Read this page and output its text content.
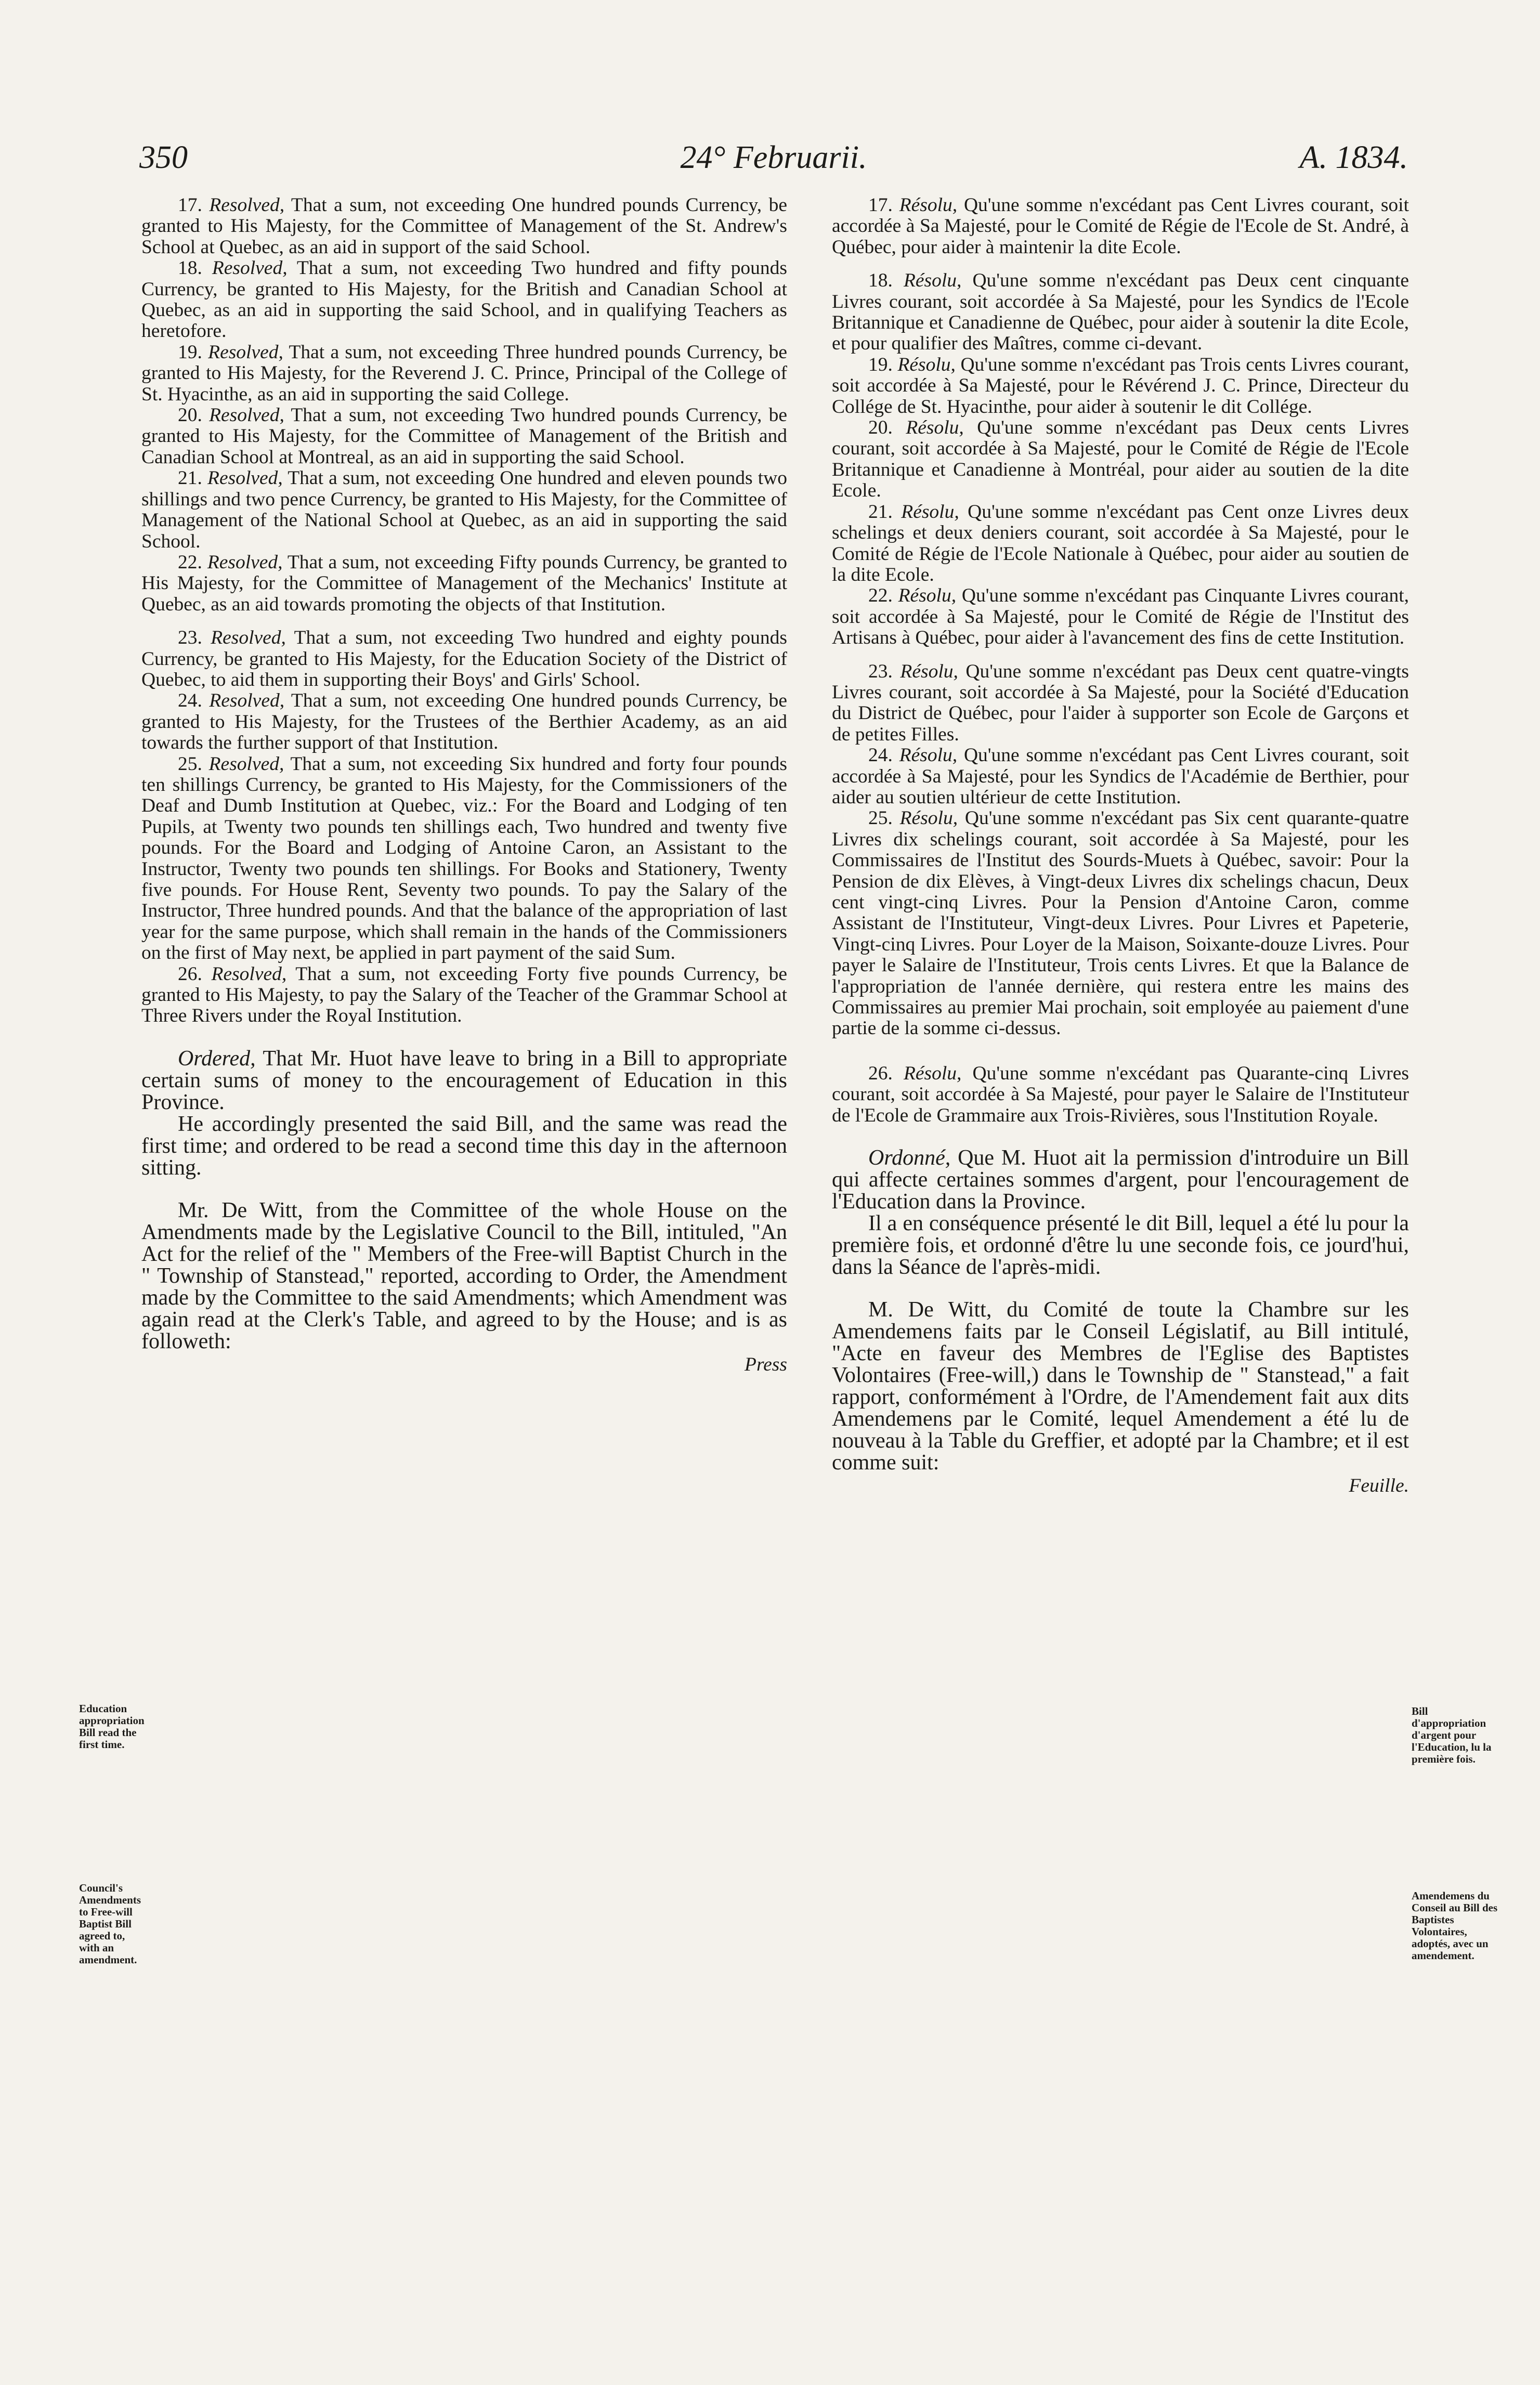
350	24° Februarii.	A. 1834.

17. Resolved, That a sum, not exceeding One hundred pounds Currency, be granted to His Majesty, for the Committee of Management of the St. Andrew's School at Quebec, as an aid in support of the said School.

18. Resolved, That a sum, not exceeding Two hundred and fifty pounds Currency, be granted to His Majesty, for the British and Canadian School at Quebec, as an aid in supporting the said School, and in qualifying Teachers as heretofore.

19. Resolved, That a sum, not exceeding Three hundred pounds Currency, be granted to His Majesty, for the Reverend J. C. Prince, Principal of the College of St. Hyacinthe, as an aid in supporting the said College.

20. Resolved, That a sum, not exceeding Two hundred pounds Currency, be granted to His Majesty, for the Committee of Management of the British and Canadian School at Montreal, as an aid in supporting the said School.

21. Resolved, That a sum, not exceeding One hundred and eleven pounds two shillings and two pence Currency, be granted to His Majesty, for the Committee of Management of the National School at Quebec, as an aid in supporting the said School.

22. Resolved, That a sum, not exceeding Fifty pounds Currency, be granted to His Majesty, for the Committee of Management of the Mechanics' Institute at Quebec, as an aid towards promoting the objects of that Institution.

23. Resolved, That a sum, not exceeding Two hundred and eighty pounds Currency, be granted to His Majesty, for the Education Society of the District of Quebec, to aid them in supporting their Boys' and Girls' School.

24. Resolved, That a sum, not exceeding One hundred pounds Currency, be granted to His Majesty, for the Trustees of the Berthier Academy, as an aid towards the further support of that Institution.

25. Resolved, That a sum, not exceeding Six hundred and forty four pounds ten shillings Currency, be granted to His Majesty, for the Commissioners of the Deaf and Dumb Institution at Quebec, viz.: For the Board and Lodging of ten Pupils, at Twenty two pounds ten shillings each, Two hundred and twenty five pounds. For the Board and Lodging of Antoine Caron, an Assistant to the Instructor, Twenty two pounds ten shillings. For Books and Stationery, Twenty five pounds. For House Rent, Seventy two pounds. To pay the Salary of the Instructor, Three hundred pounds. And that the balance of the appropriation of last year for the same purpose, which shall remain in the hands of the Commissioners on the first of May next, be applied in part payment of the said Sum.

26. Resolved, That a sum, not exceeding Forty five pounds Currency, be granted to His Majesty, to pay the Salary of the Teacher of the Grammar School at Three Rivers under the Royal Institution.

Ordered, That Mr. Huot have leave to bring in a Bill to appropriate certain sums of money to the encouragement of Education in this Province.

He accordingly presented the said Bill, and the same was read the first time; and ordered to be read a second time this day in the afternoon sitting.

Mr. De Witt, from the Committee of the whole House on the Amendments made by the Legislative Council to the Bill, intituled, "An Act for the relief of the " Members of the Free-will Baptist Church in the " Township of Stanstead," reported, according to Order, the Amendment made by the Committee to the said Amendments; which Amendment was again read at the Clerk's Table, and agreed to by the House; and is as followeth:

Press

17. Résolu, Qu'une somme n'excédant pas Cent Livres courant, soit accordée à Sa Majesté, pour le Comité de Régie de l'Ecole de St. André, à Québec, pour aider à maintenir la dite Ecole.

18. Résolu, Qu'une somme n'excédant pas Deux cent cinquante Livres courant, soit accordée à Sa Majesté, pour les Syndics de l'Ecole Britannique et Canadienne de Québec, pour aider à soutenir la dite Ecole, et pour qualifier des Maîtres, comme ci-devant.

19. Résolu, Qu'une somme n'excédant pas Trois cents Livres courant, soit accordée à Sa Majesté, pour le Révérend J. C. Prince, Directeur du Collége de St. Hyacinthe, pour aider à soutenir le dit Collége.

20. Résolu, Qu'une somme n'excédant pas Deux cents Livres courant, soit accordée à Sa Majesté, pour le Comité de Régie de l'Ecole Britannique et Canadienne à Montréal, pour aider au soutien de la dite Ecole.

21. Résolu, Qu'une somme n'excédant pas Cent onze Livres deux schelings et deux deniers courant, soit accordée à Sa Majesté, pour le Comité de Régie de l'Ecole Nationale à Québec, pour aider au soutien de la dite Ecole.

22. Résolu, Qu'une somme n'excédant pas Cinquante Livres courant, soit accordée à Sa Majesté, pour le Comité de Régie de l'Institut des Artisans à Québec, pour aider à l'avancement des fins de cette Institution.

23. Résolu, Qu'une somme n'excédant pas Deux cent quatre-vingts Livres courant, soit accordée à Sa Majesté, pour la Société d'Education du District de Québec, pour l'aider à supporter son Ecole de Garçons et de petites Filles.

24. Résolu, Qu'une somme n'excédant pas Cent Livres courant, soit accordée à Sa Majesté, pour les Syndics de l'Académie de Berthier, pour aider au soutien ultérieur de cette Institution.

25. Résolu, Qu'une somme n'excédant pas Six cent quarante-quatre Livres dix schelings courant, soit accordée à Sa Majesté, pour les Commissaires de l'Institut des Sourds-Muets à Québec, savoir: Pour la Pension de dix Elèves, à Vingt-deux Livres dix schelings chacun, Deux cent vingt-cinq Livres. Pour la Pension d'Antoine Caron, comme Assistant de l'Instituteur, Vingt-deux Livres. Pour Livres et Papeterie, Vingt-cinq Livres. Pour Loyer de la Maison, Soixante-douze Livres. Pour payer le Salaire de l'Instituteur, Trois cents Livres. Et que la Balance de l'appropriation de l'année dernière, qui restera entre les mains des Commissaires au premier Mai prochain, soit employée au paiement d'une partie de la somme ci-dessus.

26. Résolu, Qu'une somme n'excédant pas Quarante-cinq Livres courant, soit accordée à Sa Majesté, pour payer le Salaire de l'Instituteur de l'Ecole de Grammaire aux Trois-Rivières, sous l'Institution Royale.

Ordonné, Que M. Huot ait la permission d'introduire un Bill qui affecte certaines sommes d'argent, pour l'encouragement de l'Education dans la Province.

Il a en conséquence présenté le dit Bill, lequel a été lu pour la première fois, et ordonné d'être lu une seconde fois, ce jourd'hui, dans la Séance de l'après-midi.

M. De Witt, du Comité de toute la Chambre sur les Amendemens faits par le Conseil Législatif, au Bill intitulé, "Acte en faveur des Membres de l'Eglise des Baptistes Volontaires (Free-will,) dans le Township de " Stanstead," a fait rapport, conformément à l'Ordre, de l'Amendement fait aux dits Amendemens par le Comité, lequel Amendement a été lu de nouveau à la Table du Greffier, et adopté par la Chambre; et il est comme suit:

Feuille.

Education appropriation Bill read the first time.
Council's Amendments to Free-will Baptist Bill agreed to, with an amendment.
Bill d'appropriation d'argent pour l'Education, lu la première fois.
Amendemens du Conseil au Bill des Baptistes Volontaires, adoptés, avec un amendement.
